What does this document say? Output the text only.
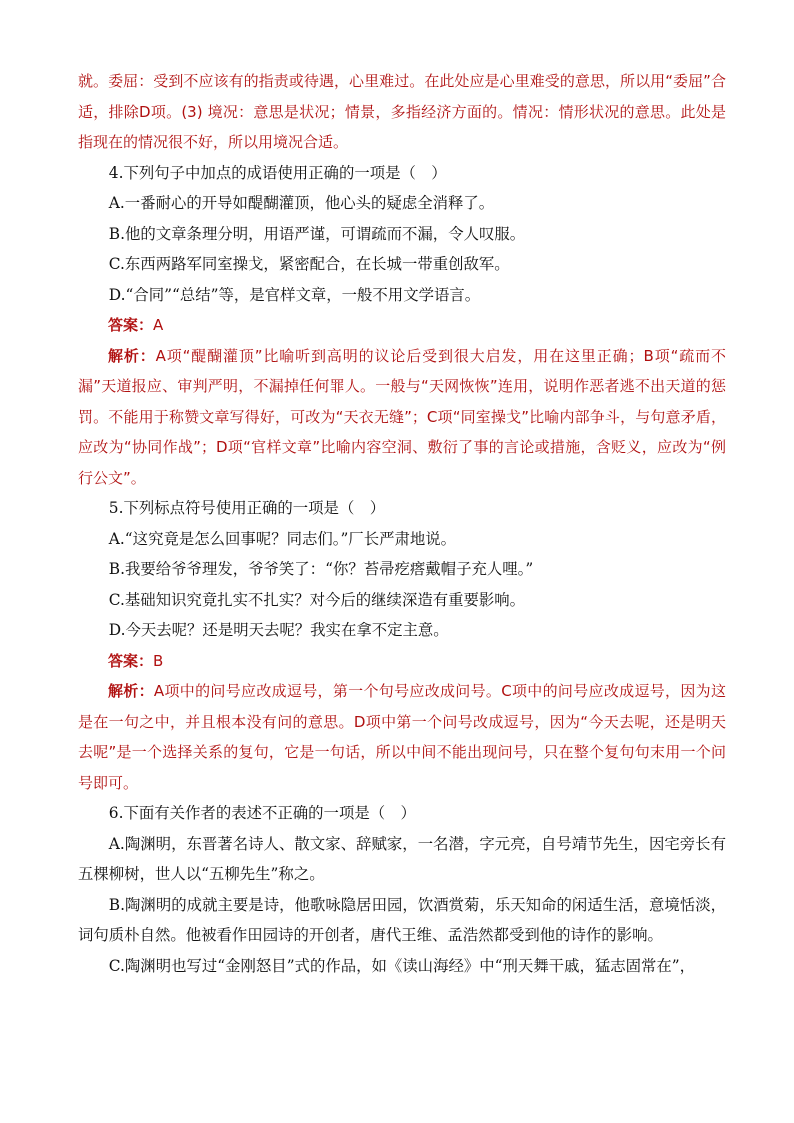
就。委屈：受到不应该有的指责或待遇，心里难过。在此处应是心里难受的意思，所以用“委屈”合适，排除D项。(3) 境况：意思是状况；情景，多指经济方面的。情况：情形状况的意思。此处是指现在的情况很不好，所以用境况合适。

4.下列句子中加点的成语使用正确的一项是（　）

A.一番耐心的开导如醍醐灌顶，他心头的疑虑全消释了。

B.他的文章条理分明，用语严谨，可谓疏而不漏，令人叹服。

C.东西两路军同室操戈，紧密配合，在长城一带重创敌军。

D.“合同”“总结”等，是官样文章，一般不用文学语言。

答案：A

解析：A项“醍醐灌顶”比喻听到高明的议论后受到很大启发，用在这里正确；B项“疏而不漏”天道报应、审判严明，不漏掉任何罪人。一般与“天网恢恢”连用，说明作恶者逃不出天道的惩罚。不能用于称赞文章写得好，可改为“天衣无缝”；C项“同室操戈”比喻内部争斗，与句意矛盾，应改为“协同作战”；D项“官样文章”比喻内容空洞、敷衍了事的言论或措施，含贬义，应改为“例行公文”。

5.下列标点符号使用正确的一项是（　）

A.“这究竟是怎么回事呢？同志们。”厂长严肃地说。

B.我要给爷爷理发，爷爷笑了：“你？苔帚疙瘩戴帽子充人哩。”

C.基础知识究竟扎实不扎实？对今后的继续深造有重要影响。

D.今天去呢？还是明天去呢？我实在拿不定主意。

答案：B

解析：A项中的问号应改成逗号，第一个句号应改成问号。C项中的问号应改成逗号，因为这是在一句之中，并且根本没有问的意思。D项中第一个问号改成逗号，因为“今天去呢，还是明天去呢”是一个选择关系的复句，它是一句话，所以中间不能出现问号，只在整个复句句末用一个问号即可。

6.下面有关作者的表述不正确的一项是（　）

A.陶渊明，东晋著名诗人、散文家、辞赋家，一名潜，字元亮，自号靖节先生，因宅旁长有五棵柳树，世人以“五柳先生”称之。

B.陶渊明的成就主要是诗，他歌咏隐居田园，饮酒赏菊，乐天知命的闲适生活，意境恬淡，词句质朴自然。他被看作田园诗的开创者，唐代王维、孟浩然都受到他的诗作的影响。

C.陶渊明也写过“金刚怒目”式的作品，如《读山海经》中“刑天舞干戚，猛志固常在”，
